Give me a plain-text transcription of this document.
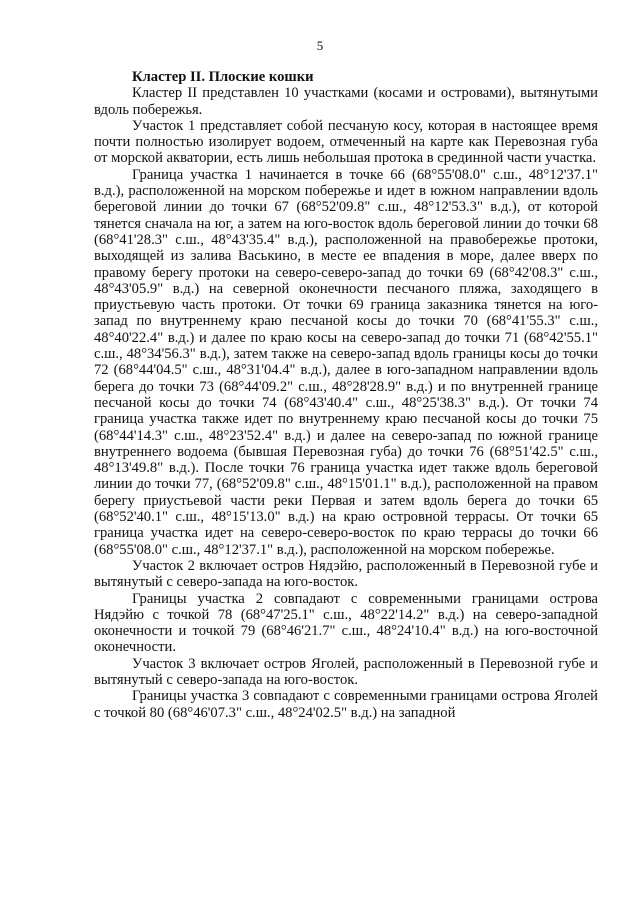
5

Кластер II. Плоские кошки

Кластер II представлен 10 участками (косами и островами), вытянутыми вдоль побережья.

Участок 1 представляет собой песчаную косу, которая в настоящее время почти полностью изолирует водоем, отмеченный на карте как Перевозная губа от морской акватории, есть лишь небольшая протока в срединной части участка.

Граница участка 1 начинается в точке 66 (68°55'08.0" с.ш., 48°12'37.1" в.д.), расположенной на морском побережье и идет в южном направлении вдоль береговой линии до точки 67 (68°52'09.8" с.ш., 48°12'53.3" в.д.), от которой тянется сначала на юг, а затем на юго-восток вдоль береговой линии до точки 68 (68°41'28.3" с.ш., 48°43'35.4" в.д.), расположенной на правобережье протоки, выходящей из залива Васькино, в месте ее впадения в море, далее вверх по правому берегу протоки на северо-северо-запад до точки 69 (68°42'08.3" с.ш., 48°43'05.9" в.д.) на северной оконечности песчаного пляжа, заходящего в приустьевую часть протоки. От точки 69 граница заказника тянется на юго-запад по внутреннему краю песчаной косы до точки 70 (68°41'55.3" с.ш., 48°40'22.4" в.д.) и далее по краю косы на северо-запад до точки 71 (68°42'55.1" с.ш., 48°34'56.3" в.д.), затем также на северо-запад вдоль границы косы до точки 72 (68°44'04.5" с.ш., 48°31'04.4" в.д.), далее в юго-западном направлении вдоль берега до точки 73 (68°44'09.2" с.ш., 48°28'28.9" в.д.) и по внутренней границе песчаной косы до точки 74 (68°43'40.4" с.ш., 48°25'38.3" в.д.). От точки 74 граница участка также идет по внутреннему краю песчаной косы до точки 75 (68°44'14.3" с.ш., 48°23'52.4" в.д.) и далее на северо-запад по южной границе внутреннего водоема (бывшая Перевозная губа) до точки 76 (68°51'42.5" с.ш., 48°13'49.8" в.д.). После точки 76 граница участка идет также вдоль береговой линии до точки 77, (68°52'09.8" с.ш., 48°15'01.1" в.д.), расположенной на правом берегу приустьевой части реки Первая и затем вдоль берега до точки 65 (68°52'40.1" с.ш., 48°15'13.0" в.д.) на краю островной террасы. От точки 65 граница участка идет на северо-северо-восток по краю террасы до точки 66 (68°55'08.0" с.ш., 48°12'37.1" в.д.), расположенной на морском побережье.

Участок 2 включает остров Нядэйю, расположенный в Перевозной губе и вытянутый с северо-запада на юго-восток.

Границы участка 2 совпадают с современными границами острова Нядэйю с точкой 78 (68°47'25.1" с.ш., 48°22'14.2" в.д.) на северо-западной оконечности и точкой 79 (68°46'21.7" с.ш., 48°24'10.4" в.д.) на юго-восточной оконечности.

Участок 3 включает остров Яголей, расположенный в Перевозной губе и вытянутый с северо-запада на юго-восток.

Границы участка 3 совпадают с современными границами острова Яголей с точкой 80 (68°46'07.3" с.ш., 48°24'02.5" в.д.) на западной
